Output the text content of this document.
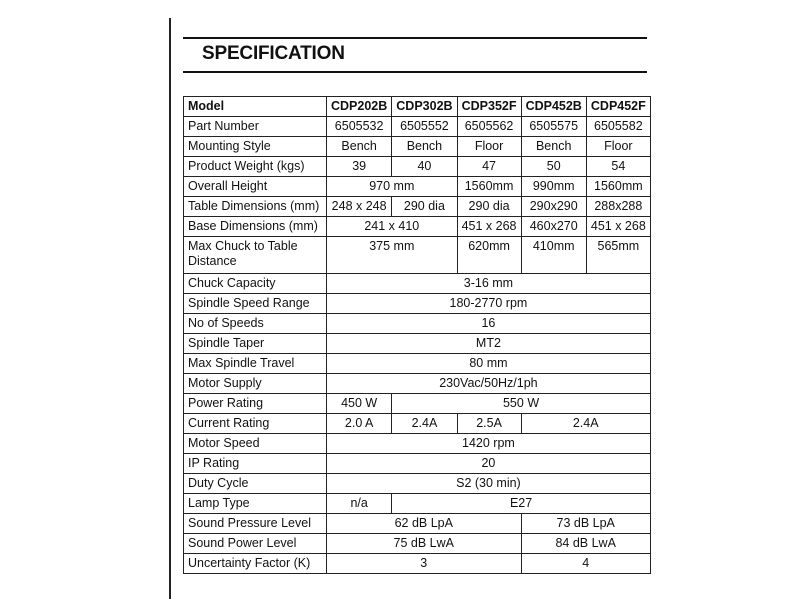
SPECIFICATION
Model	CDP202B	CDP302B	CDP352F	CDP452B	CDP452F
Part Number	6505532	6505552	6505562	6505575	6505582
Mounting Style	Bench	Bench	Floor	Bench	Floor
Product Weight (kgs)	39	40	47	50	54
Overall Height	970 mm		1560mm	990mm	1560mm
Table Dimensions (mm)	248 x 248	290 dia	290 dia	290x290	288x288
Base Dimensions (mm)	241 x 410		451 x 268	460x270	451 x 268
Max Chuck to Table Distance	375 mm		620mm	410mm	565mm
Chuck Capacity	3-16 mm				
Spindle Speed Range	180-2770 rpm				
No of Speeds	16				
Spindle Taper	MT2				
Max Spindle Travel	80 mm				
Motor Supply	230Vac/50Hz/1ph				
Power Rating	450 W	550 W			
Current Rating	2.0 A	2.4A	2.5A	2.4A	
Motor Speed	1420 rpm				
IP Rating	20				
Duty Cycle	S2 (30 min)				
Lamp Type	n/a	E27			
Sound Pressure Level	62 dB LpA			73 dB LpA	
Sound Power Level	75 dB LwA			84 dB LwA	
Uncertainty Factor (K)	3			4	
